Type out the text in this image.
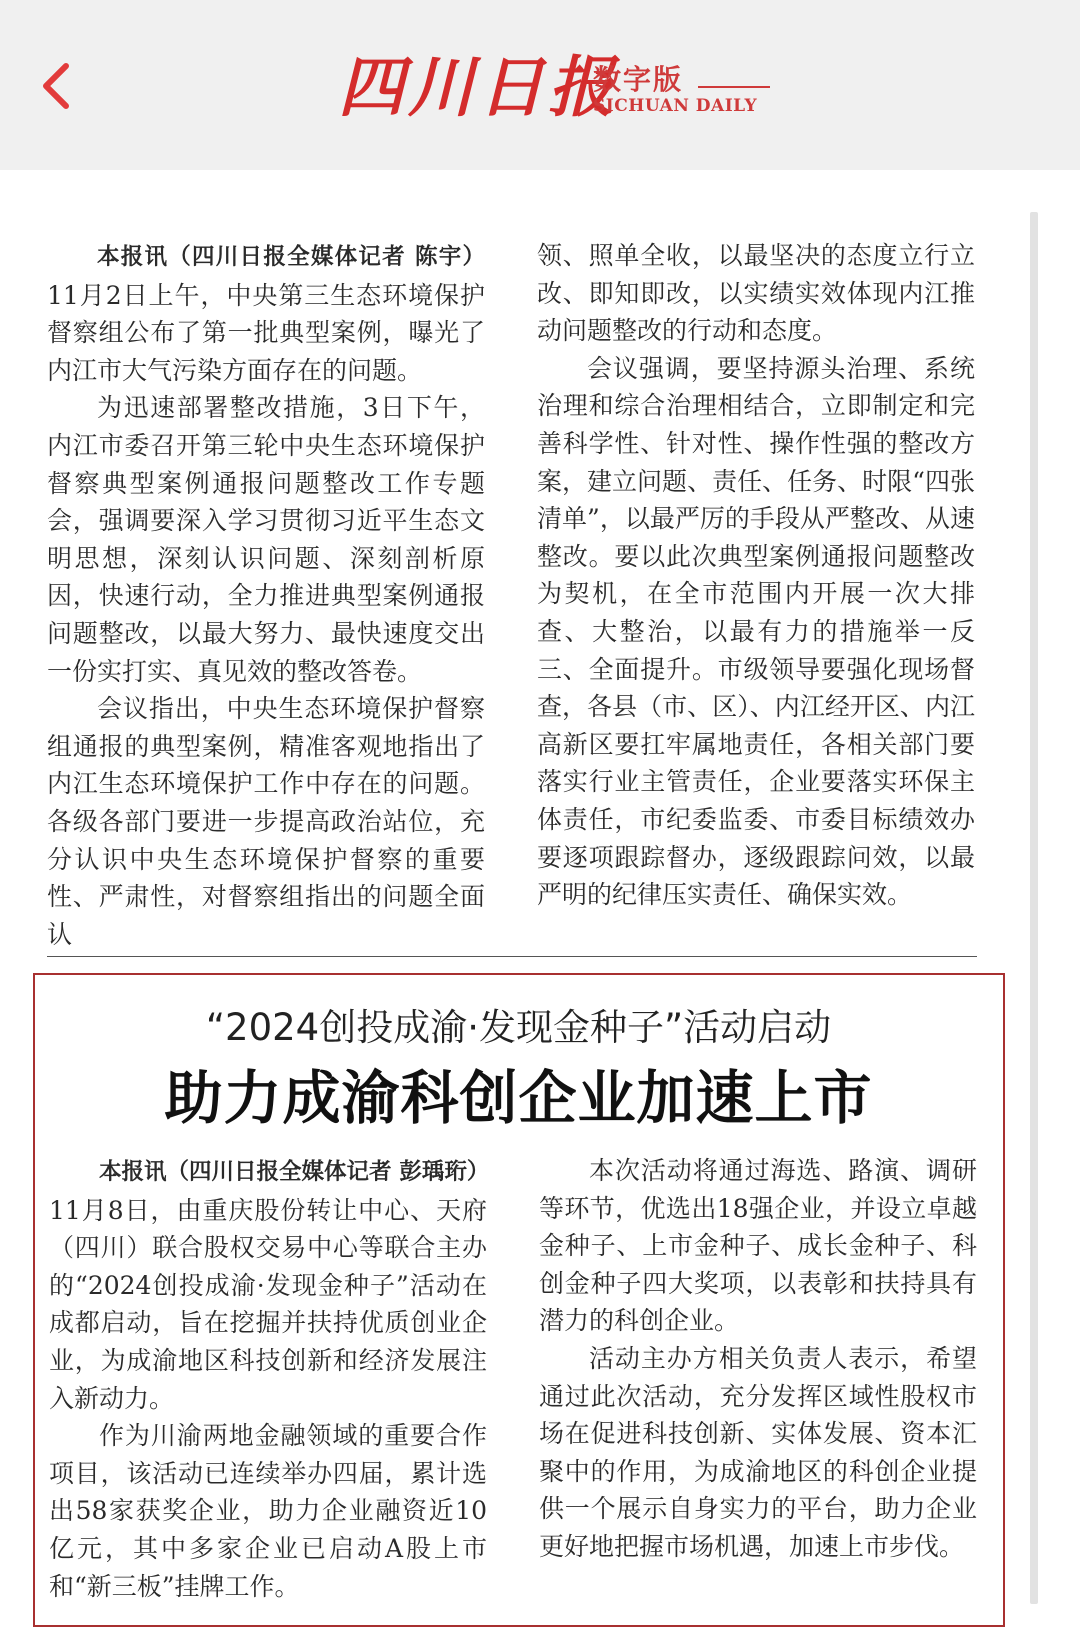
四川日报
数字版
SICHUAN DAILY

本报讯（四川日报全媒体记者 陈宇）11月2日上午，中央第三生态环境保护督察组公布了第一批典型案例，曝光了内江市大气污染方面存在的问题。

为迅速部署整改措施，3日下午，内江市委召开第三轮中央生态环境保护督察典型案例通报问题整改工作专题会，强调要深入学习贯彻习近平生态文明思想，深刻认识问题、深刻剖析原因，快速行动，全力推进典型案例通报问题整改，以最大努力、最快速度交出一份实打实、真见效的整改答卷。

会议指出，中央生态环境保护督察组通报的典型案例，精准客观地指出了内江生态环境保护工作中存在的问题。各级各部门要进一步提高政治站位，充分认识中央生态环境保护督察的重要性、严肃性，对督察组指出的问题全面认

领、照单全收，以最坚决的态度立行立改、即知即改，以实绩实效体现内江推动问题整改的行动和态度。

会议强调，要坚持源头治理、系统治理和综合治理相结合，立即制定和完善科学性、针对性、操作性强的整改方案，建立问题、责任、任务、时限“四张清单”，以最严厉的手段从严整改、从速整改。要以此次典型案例通报问题整改为契机，在全市范围内开展一次大排查、大整治，以最有力的措施举一反三、全面提升。市级领导要强化现场督查，各县（市、区）、内江经开区、内江高新区要扛牢属地责任，各相关部门要落实行业主管责任，企业要落实环保主体责任，市纪委监委、市委目标绩效办要逐项跟踪督办，逐级跟踪问效，以最严明的纪律压实责任、确保实效。

“2024创投成渝·发现金种子”活动启动
助力成渝科创企业加速上市

本报讯（四川日报全媒体记者 彭瑀珩）11月8日，由重庆股份转让中心、天府（四川）联合股权交易中心等联合主办的“2024创投成渝·发现金种子”活动在成都启动，旨在挖掘并扶持优质创业企业，为成渝地区科技创新和经济发展注入新动力。

作为川渝两地金融领域的重要合作项目，该活动已连续举办四届，累计选出58家获奖企业，助力企业融资近10亿元，其中多家企业已启动A股上市和“新三板”挂牌工作。

本次活动将通过海选、路演、调研等环节，优选出18强企业，并设立卓越金种子、上市金种子、成长金种子、科创金种子四大奖项，以表彰和扶持具有潜力的科创企业。

活动主办方相关负责人表示，希望通过此次活动，充分发挥区域性股权市场在促进科技创新、实体发展、资本汇聚中的作用，为成渝地区的科创企业提供一个展示自身实力的平台，助力企业更好地把握市场机遇，加速上市步伐。
